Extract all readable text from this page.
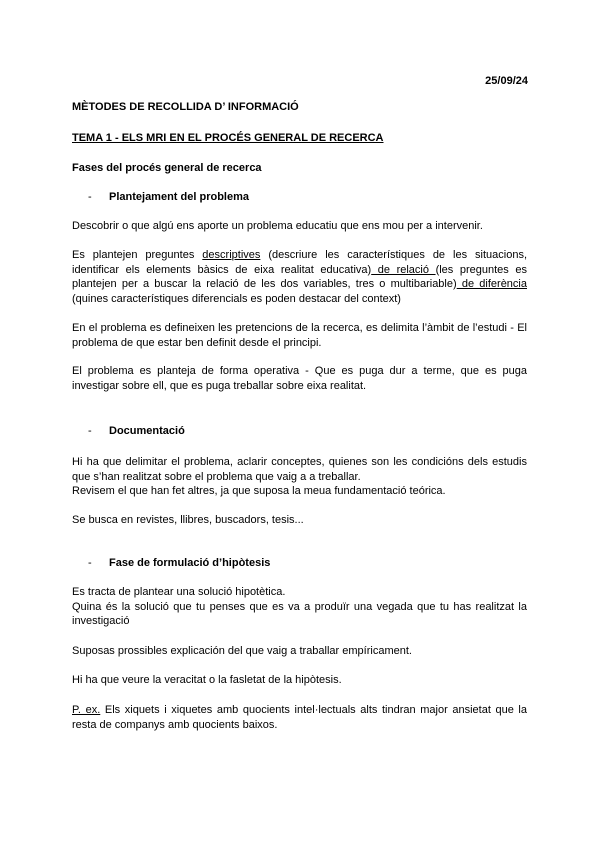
25/09/24
MÈTODES DE RECOLLIDA D’ INFORMACIÓ
TEMA 1 - ELS MRI EN EL PROCÉS GENERAL DE RECERCA
Fases del procés general de recerca
- Plantejament del problema
Descobrir o que algú ens aporte un problema educatiu que ens mou per a intervenir.
Es plantejen preguntes descriptives (descriure les característiques de les situacions, identificar els elements bàsics de eixa realitat educativa) de relació (les preguntes es plantejen per a buscar la relació de les dos variables, tres o multibariable) de diferència (quines característiques diferencials es poden destacar del context)
En el problema es defineixen les pretencions de la recerca, es delimita l’àmbit de l’estudi - El problema de que estar ben definit desde el principi.
El problema es planteja de forma operativa - Que es puga dur a terme, que es puga investigar sobre ell, que es puga treballar sobre eixa realitat.
- Documentació
Hi ha que delimitar el problema, aclarir conceptes, quienes son les condicións dels estudis que s’han realitzat sobre el problema que vaig a a treballar.
Revisem el que han fet altres, ja que suposa la meua fundamentació teórica.
Se busca en revistes, llibres, buscadors, tesis...
- Fase de formulació d’hipòtesis
Es tracta de plantear una solució hipotètica.
Quina és la solució que tu penses que es va a produïr una vegada que tu has realitzat la investigació
Suposas prossibles explicación del que vaig a traballar empíricament.
Hi ha que veure la veracitat o la fasletat de la hipòtesis.
P. ex. Els xiquets i xiquetes amb quocients intel·lectuals alts tindran major ansietat que la resta de companys amb quocients baixos.
